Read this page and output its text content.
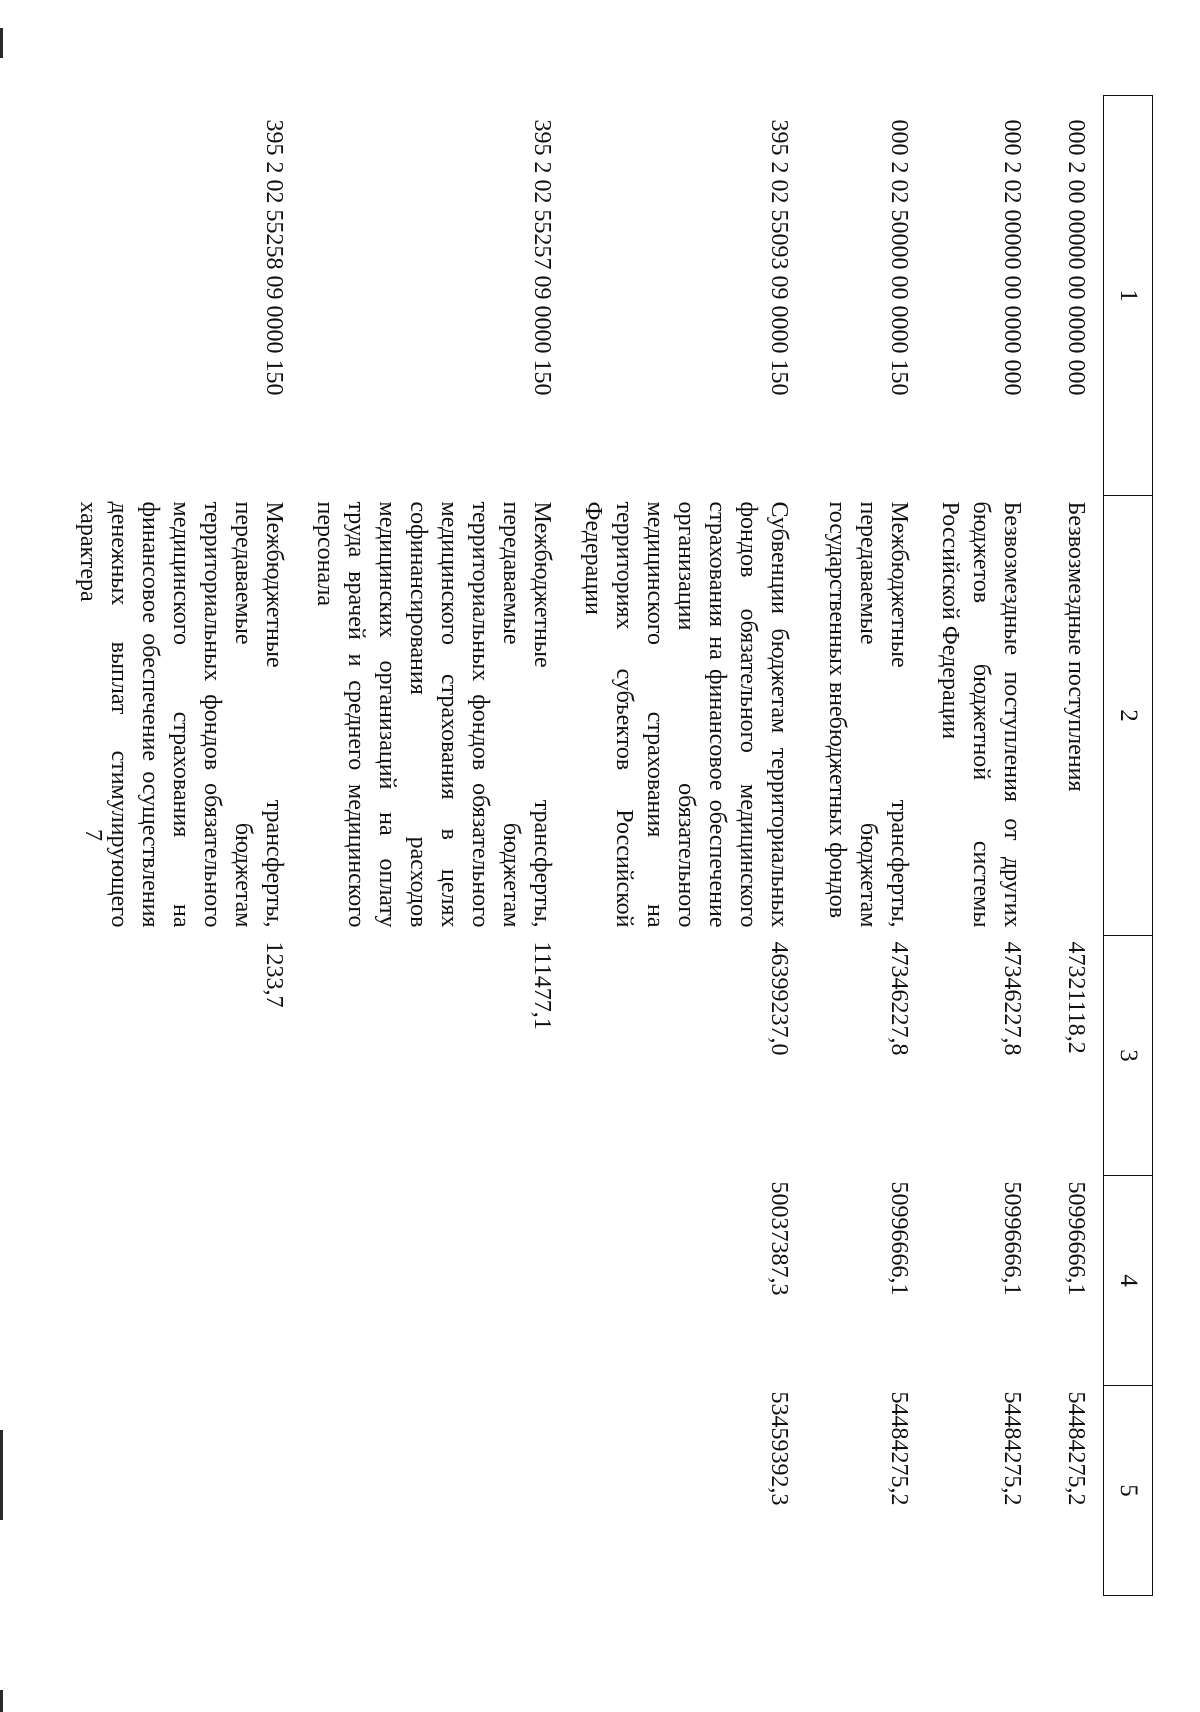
7
1	2	3	4	5
000 2 00 00000 00 0000 000	Безвозмездные поступления	47321118,2	50996666,1	54484275,2
000 2 02 00000 00 0000 000	Безвозмездные поступления от других бюджетов бюджетной системы Российской Федерации	47346227,8	50996666,1	54484275,2
000 2 02 50000 00 0000 150	Межбюджетные трансферты, передаваемые бюджетам государственных внебюджетных фондов	47346227,8	50996666,1	54484275,2
395 2 02 55093 09 0000 150	Субвенции бюджетам территориальных фондов обязательного медицинского страхования на финансовое обеспечение организации обязательного медицинского страхования на территориях субъектов Российской Федерации	46399237,0	50037387,3	53459392,3
395 2 02 55257 09 0000 150	Межбюджетные трансферты, передаваемые бюджетам территориальных фондов обязательного медицинского страхования в целях софинансирования расходов медицинских организаций на оплату труда врачей и среднего медицинского персонала	111477,1		
395 2 02 55258 09 0000 150	Межбюджетные трансферты, передаваемые бюджетам территориальных фондов обязательного медицинского страхования на финансовое обеспечение осуществления денежных выплат стимулирующего характера	1233,7		
